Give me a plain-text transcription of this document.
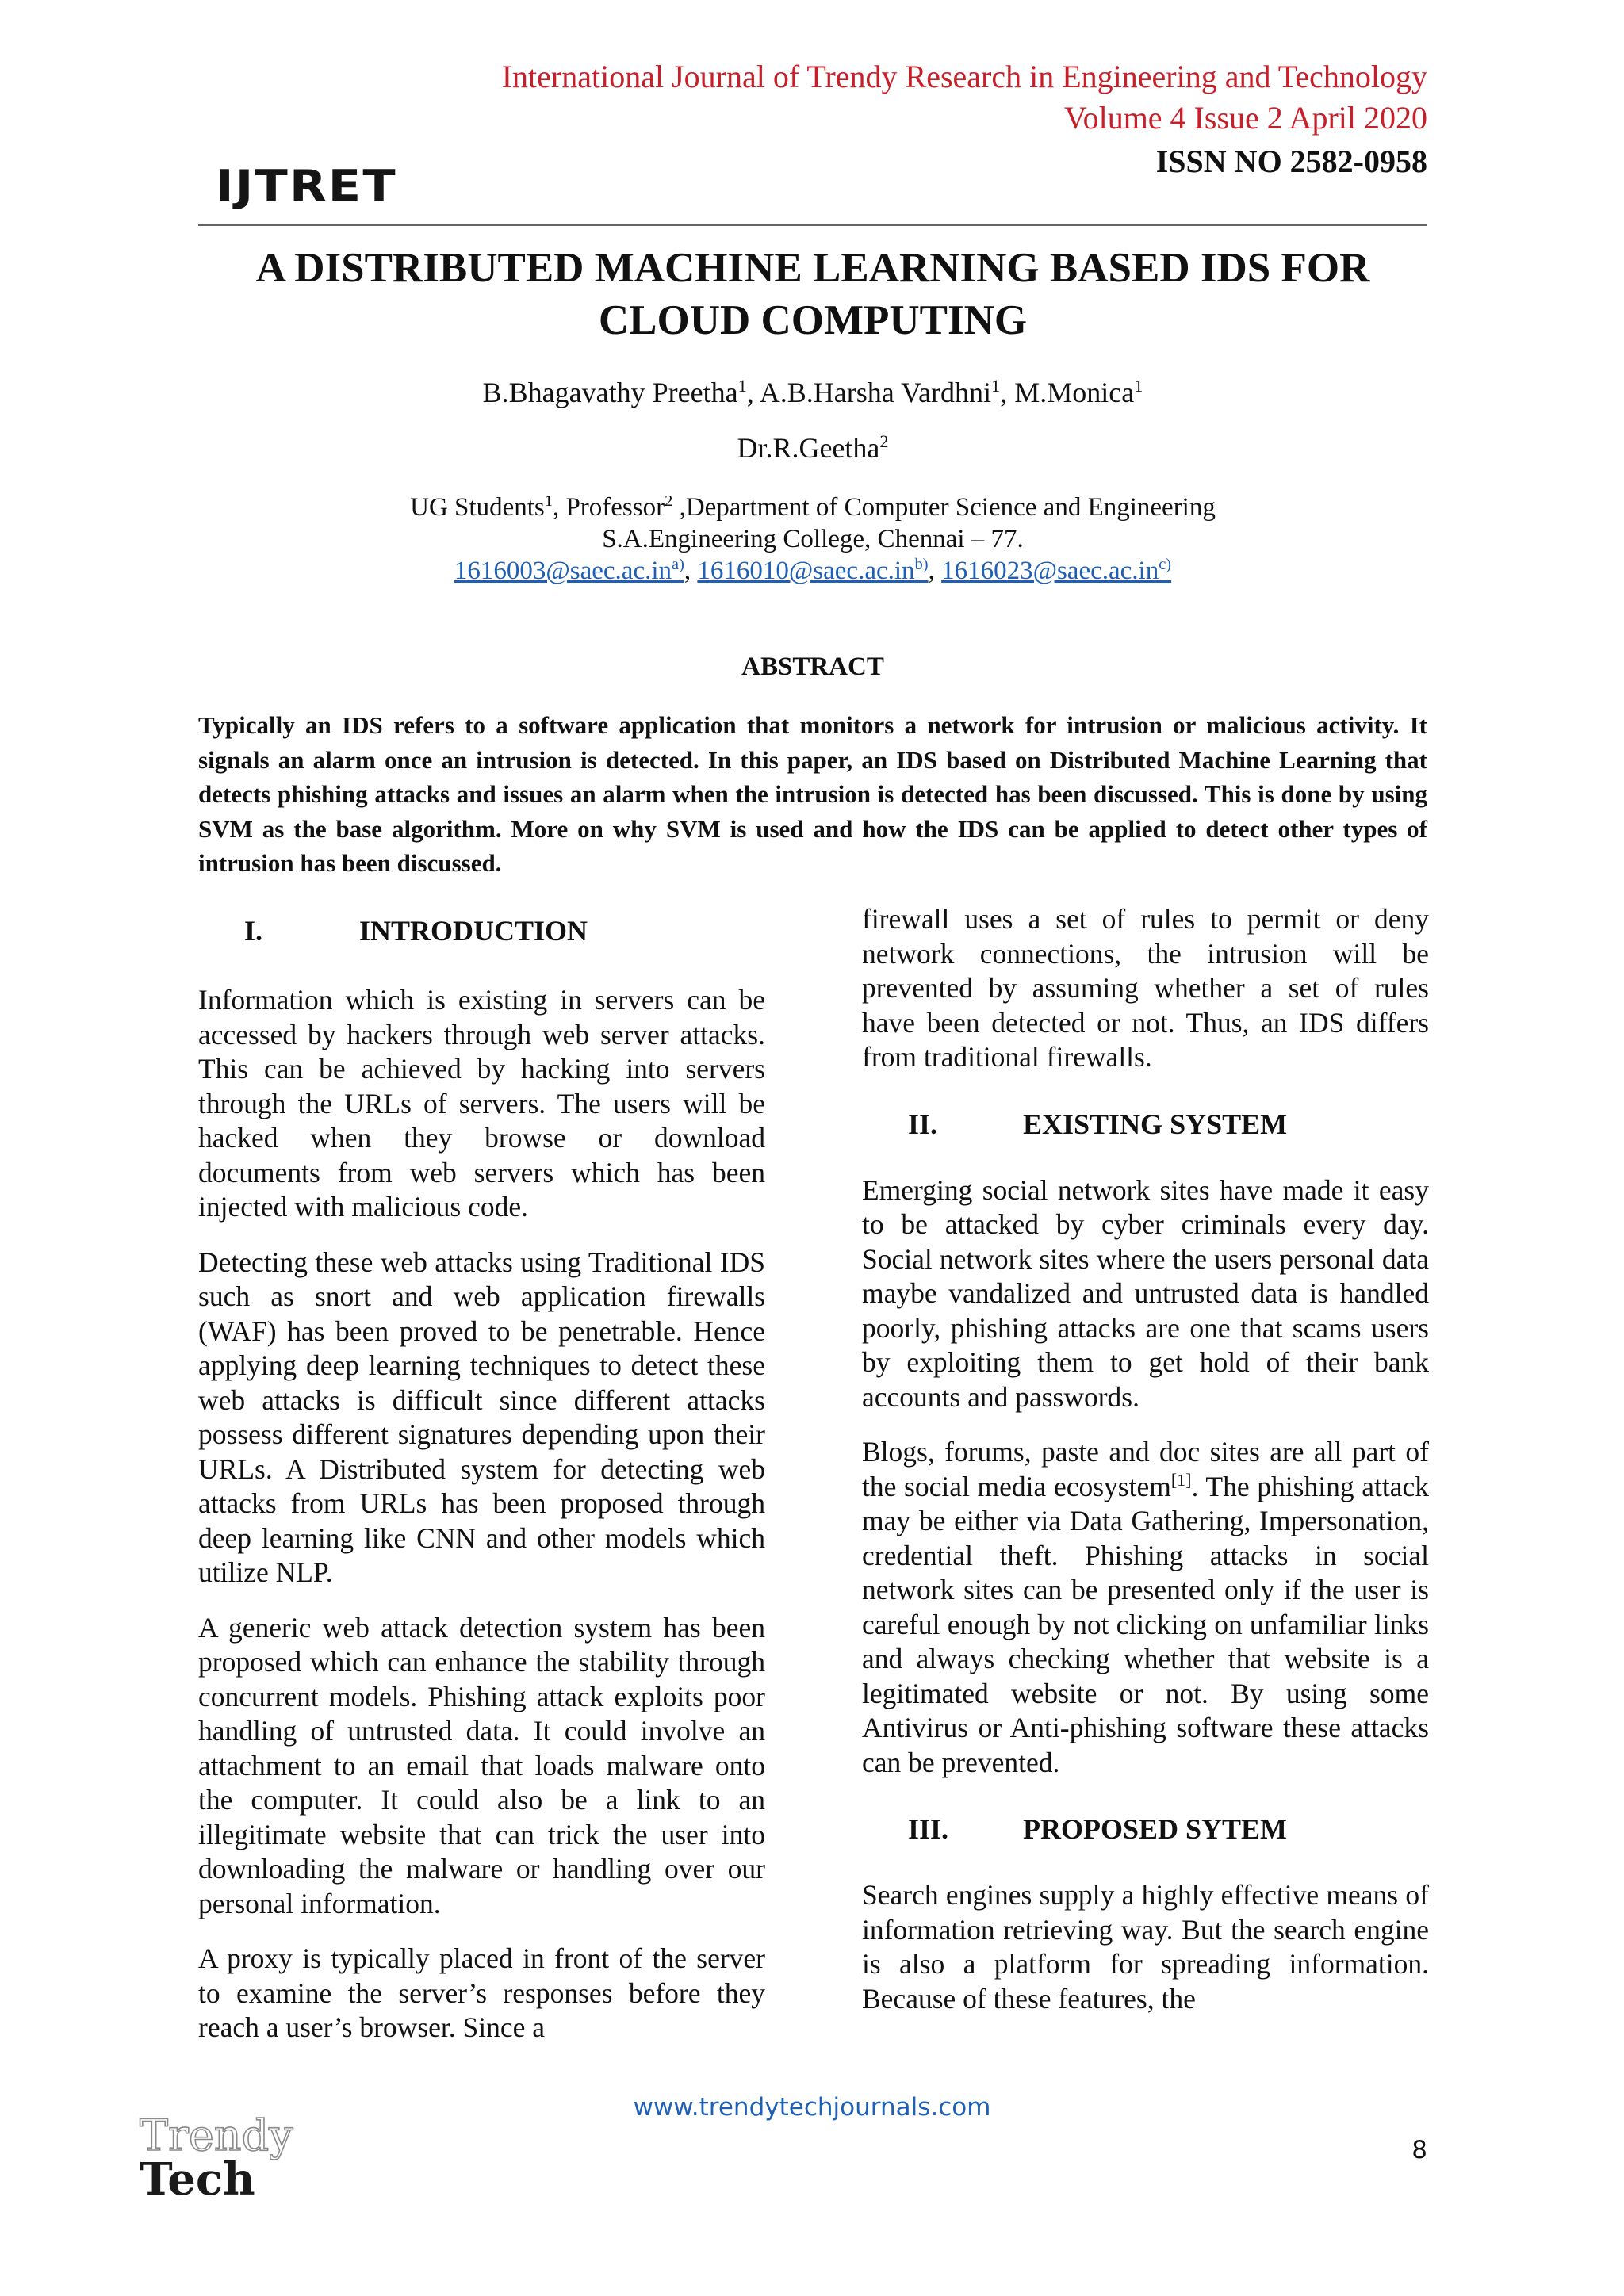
International Journal of Trendy Research in Engineering and Technology
Volume 4 Issue 2 April 2020
ISSN NO 2582-0958
IJTRET
A DISTRIBUTED MACHINE LEARNING BASED IDS FOR
CLOUD COMPUTING
B.Bhagavathy Preetha$^1$, A.B.Harsha Vardhni$^1$, M.Monica$^1$
Dr.R.Geetha$^2$
UG Students$^1$, Professor$^2$ ,Department of Computer Science and Engineering
S.A.Engineering College, Chennai – 77.
$1616003@saec.ac.in^{a)}$, $1616010@saec.ac.in^{b)}$, $1616023@saec.ac.in^{c)}$
ABSTRACT
Typically an IDS refers to a software application that monitors a network for intrusion or malicious activity. It signals an alarm once an intrusion is detected. In this paper, an IDS based on Distributed Machine Learning that detects phishing attacks and issues an alarm when the intrusion is detected has been discussed. This is done by using SVM as the base algorithm. More on why SVM is used and how the IDS can be applied to detect other types of intrusion has been discussed.
I.	INTRODUCTION

Information which is existing in servers can be accessed by hackers through web server attacks. This can be achieved by hacking into servers through the URLs of servers. The users will be hacked when they browse or download documents from web servers which has been injected with malicious code.

Detecting these web attacks using Traditional IDS such as snort and web application firewalls (WAF) has been proved to be penetrable. Hence applying deep learning techniques to detect these web attacks is difficult since different attacks possess different signatures depending upon their URLs. A Distributed system for detecting web attacks from URLs has been proposed through deep learning like CNN and other models which utilize NLP.

A generic web attack detection system has been proposed which can enhance the stability through concurrent models. Phishing attack exploits poor handling of untrusted data. It could involve an attachment to an email that loads malware onto the computer. It could also be a link to an illegitimate website that can trick the user into downloading the malware or handling over our personal information.

A proxy is typically placed in front of the server to examine the server’s responses before they reach a user’s browser. Since a

firewall uses a set of rules to permit or deny network connections, the intrusion will be prevented by assuming whether a set of rules have been detected or not. Thus, an IDS differs from traditional firewalls.

II.	EXISTING SYSTEM

Emerging social network sites have made it easy to be attacked by cyber criminals every day. Social network sites where the users personal data maybe vandalized and untrusted data is handled poorly, phishing attacks are one that scams users by exploiting them to get hold of their bank accounts and passwords.

Blogs, forums, paste and doc sites are all part of the social media ecosystem[1]. The phishing attack may be either via Data Gathering, Impersonation, credential theft. Phishing attacks in social network sites can be presented only if the user is careful enough by not clicking on unfamiliar links and always checking whether that website is a legitimated website or not. By using some Antivirus or Anti-phishing software these attacks can be prevented.

III.	PROPOSED SYTEM

Search engines supply a highly effective means of information retrieving way. But the search engine is also a platform for spreading information. Because of these features, the

www.trendytechjournals.com
8
Trendy
Tech
